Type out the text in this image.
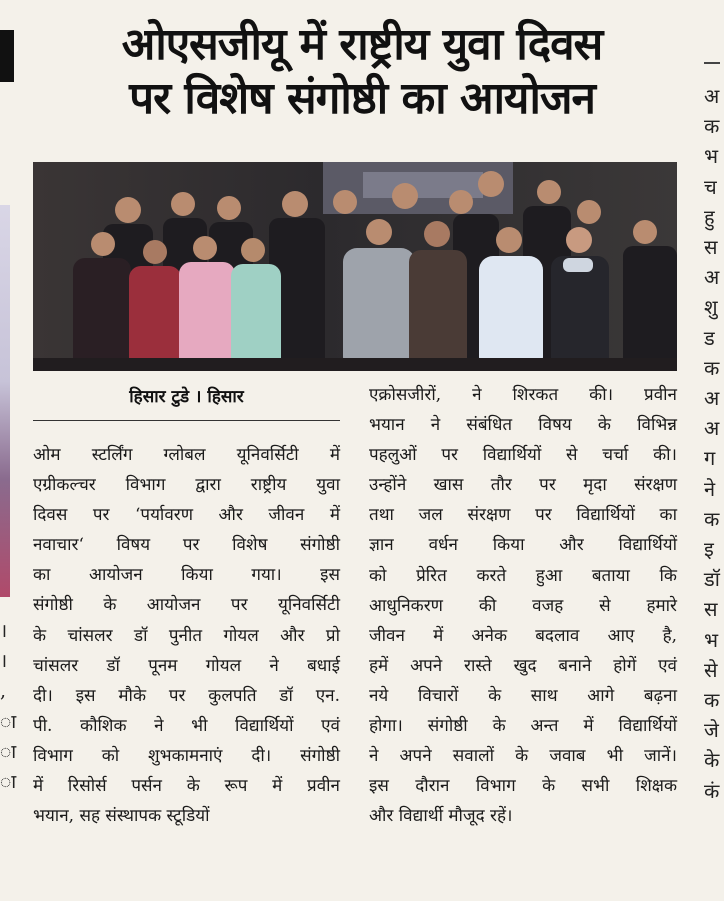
।
।
,
ा
ा
ा
ओएसजीयू में राष्ट्रीय युवा दिवस
पर विशेष संगोष्ठी का आयोजन
हिसार टुडे । हिसार
ओम स्टर्लिंग ग्लोबल यूनिवर्सिटी में
एग्रीकल्चर विभाग द्वारा राष्ट्रीय युवा
दिवस पर ‘पर्यावरण और जीवन में
नवाचार‘ विषय पर विशेष संगोष्ठी
का आयोजन किया गया। इस
संगोष्ठी के आयोजन पर यूनिवर्सिटी
के चांसलर डॉ पुनीत गोयल और प्रो
चांसलर डॉ पूनम गोयल ने बधाई
दी। इस मौके पर कुलपति डॉ एन.
पी. कौशिक ने भी विद्यार्थियों एवं
विभाग को शुभकामनाएं दी। संगोष्ठी
में रिसोर्स पर्सन के रूप में प्रवीन
भयान, सह संस्थापक स्टूडियों
एक्रोसजीरों, ने शिरकत की। प्रवीन
भयान ने संबंधित विषय के विभिन्न
पहलुओं पर विद्यार्थियों से चर्चा की।
उन्होंने खास तौर पर मृदा संरक्षण
तथा जल संरक्षण पर विद्यार्थियों का
ज्ञान वर्धन किया और विद्यार्थियों
को प्रेरित करते हुआ बताया कि
आधुनिकरण की वजह से हमारे
जीवन में अनेक बदलाव आए है,
हमें अपने रास्ते खुद बनाने होगें एवं
नये विचारों के साथ आगे बढ़ना
होगा। संगोष्ठी के अन्त में विद्यार्थियों
ने अपने सवालों के जवाब भी जानें।
इस दौरान विभाग के सभी शिक्षक
और विद्यार्थी मौजूद रहें।
अ
क
भ
च
हु
स
अ
शु
ड
क
अ
अ
ग
ने
क
इ
डॉ
स
भ
से
क
जे
के
कं
